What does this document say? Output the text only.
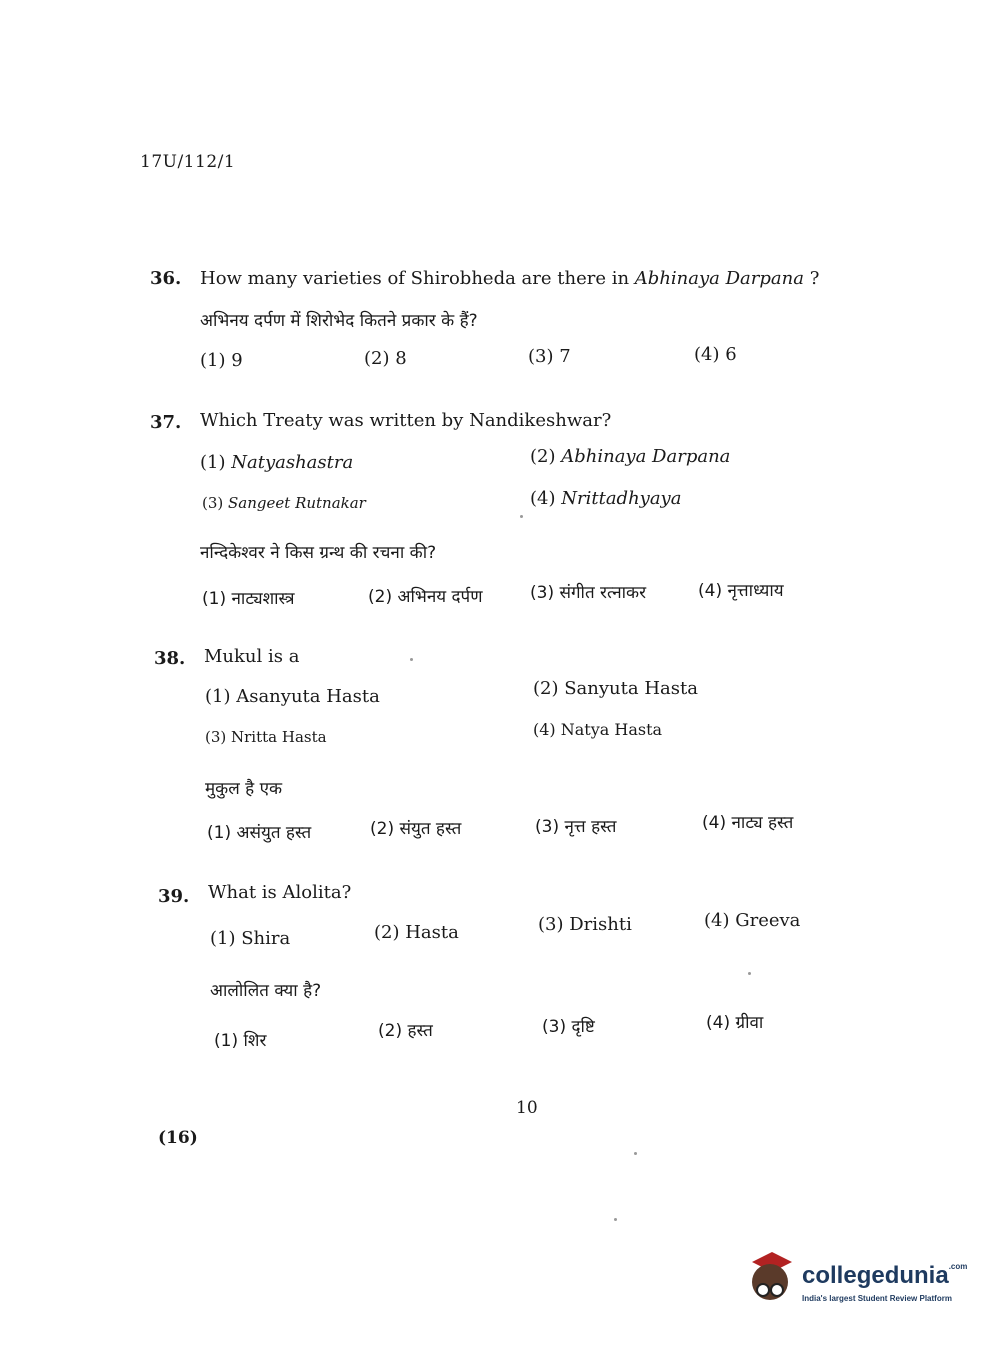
17U/112/1
36. How many varieties of Shirobheda are there in Abhinaya Darpana ?
अभिनय दर्पण में शिरोभेद कितने प्रकार के हैं?
(1) 9	(2) 8	(3) 7	(4) 6
37. Which Treaty was written by Nandikeshwar?
(1) Natyashastra	(2) Abhinaya Darpana
(3) Sangeet Rutnakar	(4) Nrittadhyaya
नन्दिकेश्वर ने किस ग्रन्थ की रचना की?
(1) नाट्यशास्त्र	(2) अभिनय दर्पण	(3) संगीत रत्नाकर	(4) नृत्ताध्याय
38. Mukul is a
(1) Asanyuta Hasta	(2) Sanyuta Hasta
(3) Nritta Hasta	(4) Natya Hasta
मुकुल है एक
(1) असंयुत हस्त	(2) संयुत हस्त	(3) नृत्त हस्त	(4) नाट्य हस्त
39. What is Alolita?
(1) Shira	(2) Hasta	(3) Drishti	(4) Greeva
आलोलित क्या है?
(1) शिर	(2) हस्त	(3) दृष्टि	(4) ग्रीवा
10
(16)
collegedunia$^{.com}$
India's largest Student Review Platform
